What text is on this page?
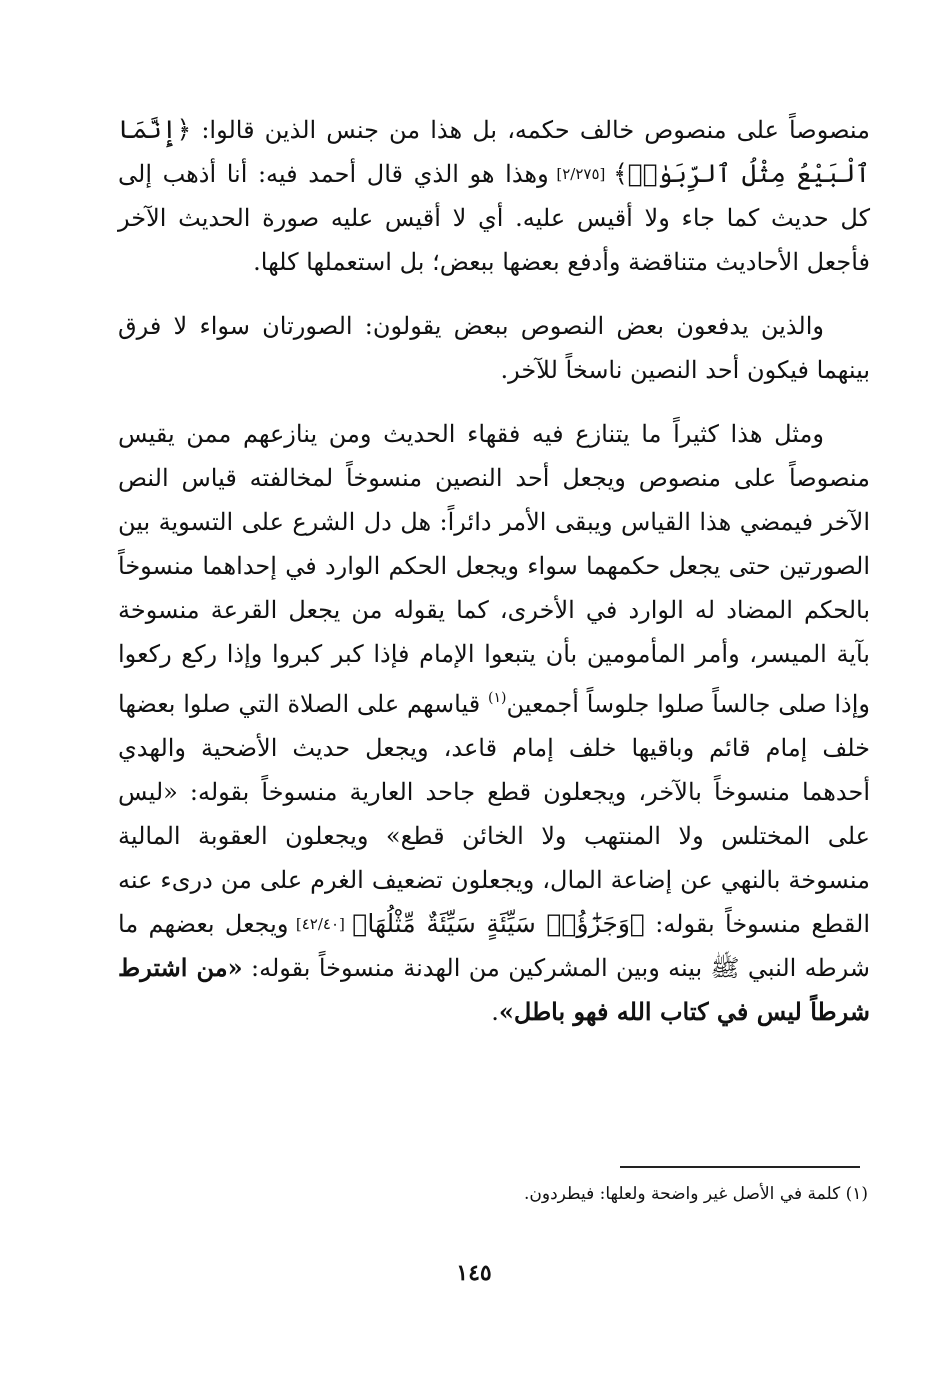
منصوصاً على منصوص خالف حكمه، بل هذا من جنس الذين قالوا: ﴿إِنَّمَا ٱلْبَيْعُ مِثْلُ ٱلرِّبَوٰا۟﴾ [٢/٢٧٥] وهذا هو الذي قال أحمد فيه: أنا أذهب إلى كل حديث كما جاء ولا أقيس عليه. أي لا أقيس عليه صورة الحديث الآخر فأجعل الأحاديث متناقضة وأدفع بعضها ببعض؛ بل استعملها كلها.

والذين يدفعون بعض النصوص ببعض يقولون: الصورتان سواء لا فرق بينهما فيكون أحد النصين ناسخاً للآخر.

ومثل هذا كثيراً ما يتنازع فيه فقهاء الحديث ومن ينازعهم ممن يقيس منصوصاً على منصوص ويجعل أحد النصين منسوخاً لمخالفته قياس النص الآخر فيمضي هذا القياس ويبقى الأمر دائراً: هل دل الشرع على التسوية بين الصورتين حتى يجعل حكمهما سواء ويجعل الحكم الوارد في إحداهما منسوخاً بالحكم المضاد له الوارد في الأخرى، كما يقوله من يجعل القرعة منسوخة بآية الميسر، وأمر المأمومين بأن يتبعوا الإمام فإذا كبر كبروا وإذا ركع ركعوا وإذا صلى جالساً صلوا جلوساً أجمعين$^{(١)}$ قياسهم على الصلاة التي صلوا بعضها خلف إمام قائم وباقيها خلف إمام قاعد، ويجعل حديث الأضحية والهدي أحدهما منسوخاً بالآخر، ويجعلون قطع جاحد العارية منسوخاً بقوله: «ليس على المختلس ولا المنتهب ولا الخائن قطع» ويجعلون العقوبة المالية منسوخة بالنهي عن إضاعة المال، ويجعلون تضعيف الغرم على من درىء عنه القطع منسوخاً بقوله: ﴿وَجَزَٰٓؤُا۟ سَيِّئَةٍ سَيِّئَةٌ مِّثْلُهَا﴾ [٤٢/٤٠] ويجعل بعضهم ما شرطه النبي ﷺ بينه وبين المشركين من الهدنة منسوخاً بقوله: «من اشترط شرطاً ليس في كتاب الله فهو باطل».

(١) كلمة في الأصل غير واضحة ولعلها: فيطردون.
١٤٥
